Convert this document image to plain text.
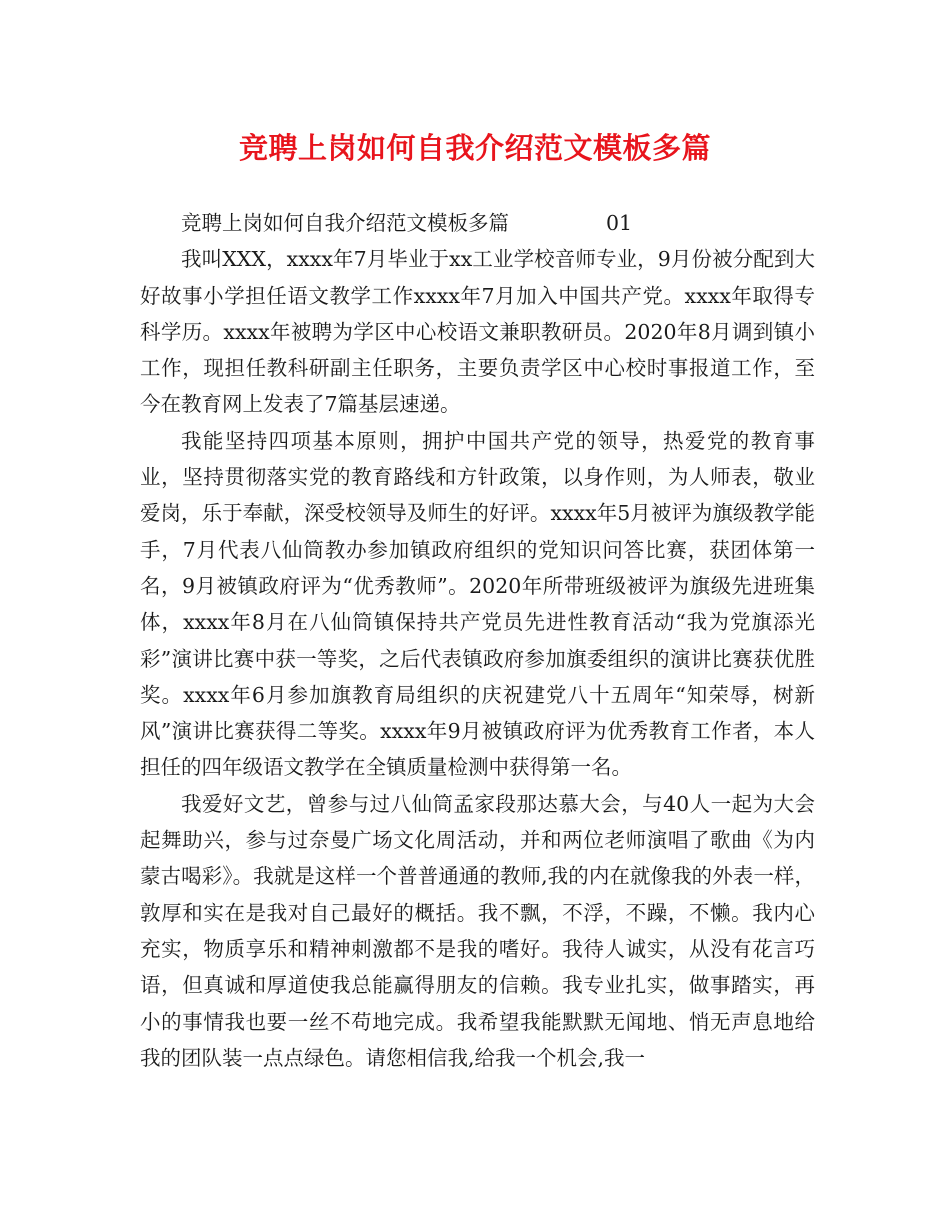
竞聘上岗如何自我介绍范文模板多篇

竞聘上岗如何自我介绍范文模板多篇	01

我叫XXX，xxxx年7月毕业于xx工业学校音师专业，9月份被分配到大好故事小学担任语文教学工作xxxx年7月加入中国共产党。xxxx年取得专科学历。xxxx年被聘为学区中心校语文兼职教研员。2020年8月调到镇小工作，现担任教科研副主任职务，主要负责学区中心校时事报道工作，至今在教育网上发表了7篇基层速递。

我能坚持四项基本原则，拥护中国共产党的领导，热爱党的教育事业，坚持贯彻落实党的教育路线和方针政策，以身作则，为人师表，敬业爱岗，乐于奉献，深受校领导及师生的好评。xxxx年5月被评为旗级教学能手，7月代表八仙筒教办参加镇政府组织的党知识问答比赛，获团体第一名，9月被镇政府评为“优秀教师”。2020年所带班级被评为旗级先进班集体，xxxx年8月在八仙筒镇保持共产党员先进性教育活动“我为党旗添光彩”演讲比赛中获一等奖，之后代表镇政府参加旗委组织的演讲比赛获优胜奖。xxxx年6月参加旗教育局组织的庆祝建党八十五周年“知荣辱，树新风”演讲比赛获得二等奖。xxxx年9月被镇政府评为优秀教育工作者，本人担任的四年级语文教学在全镇质量检测中获得第一名。

我爱好文艺，曾参与过八仙筒孟家段那达慕大会，与40人一起为大会起舞助兴，参与过奈曼广场文化周活动，并和两位老师演唱了歌曲《为内蒙古喝彩》。我就是这样一个普普通通的教师,我的内在就像我的外表一样，敦厚和实在是我对自己最好的概括。我不飘，不浮，不躁，不懒。我内心充实，物质享乐和精神刺激都不是我的嗜好。我待人诚实，从没有花言巧语，但真诚和厚道使我总能赢得朋友的信赖。我专业扎实，做事踏实，再小的事情我也要一丝不苟地完成。我希望我能默默无闻地、悄无声息地给我的团队装一点点绿色。请您相信我,给我一个机会,我一
